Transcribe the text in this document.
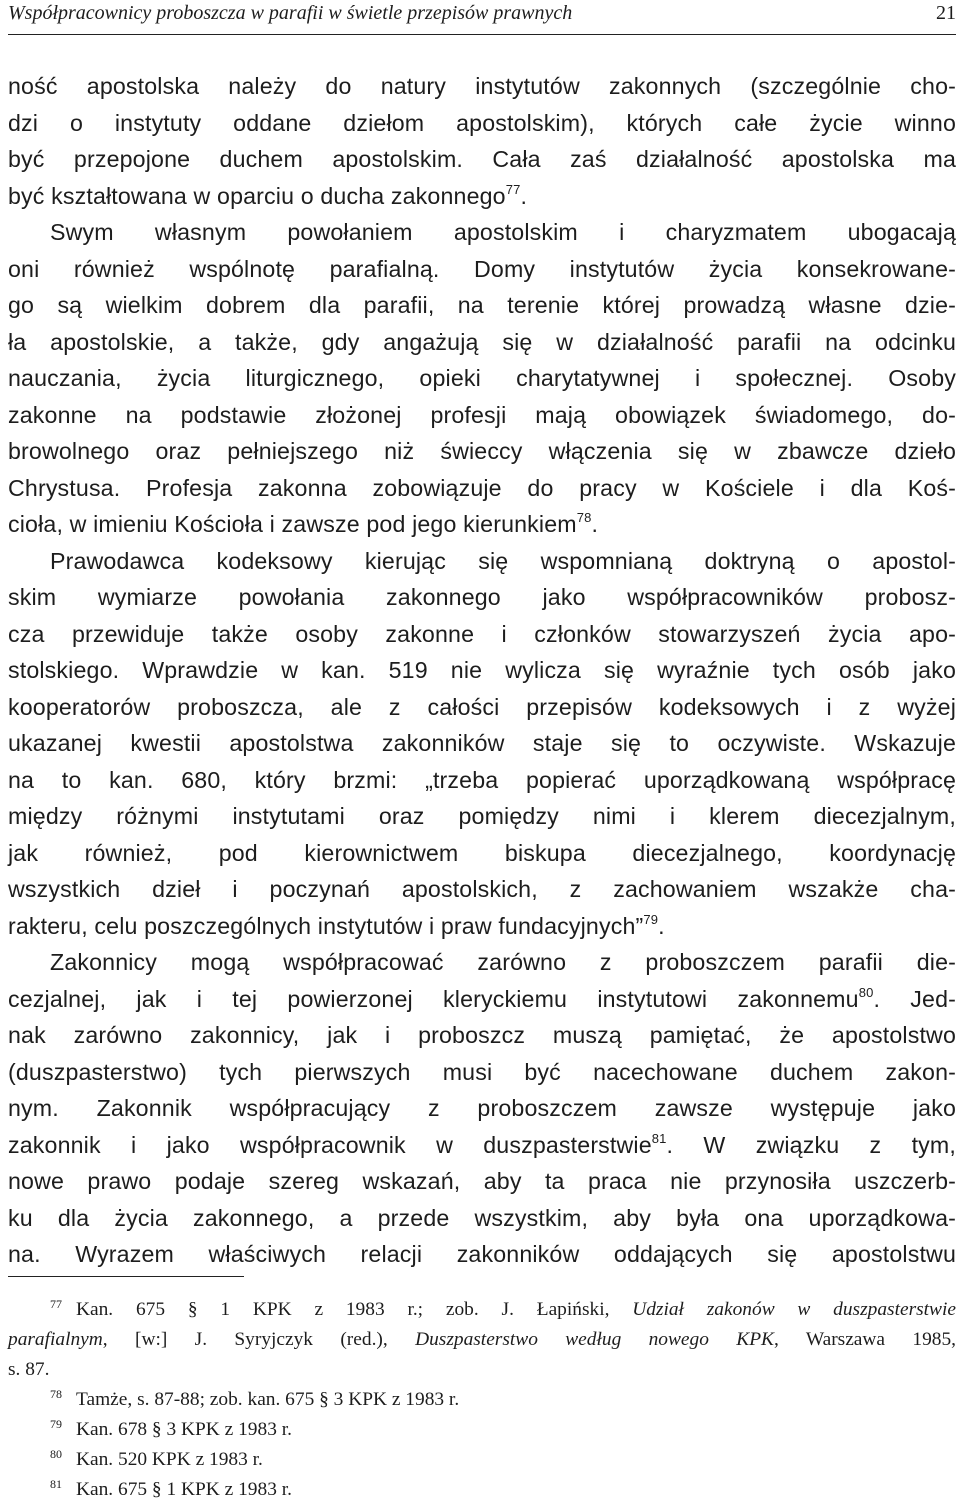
Współpracownicy proboszcza w parafii w świetle przepisów prawnych	21
ność apostolska należy do natury instytutów zakonnych (szczególnie cho-
dzi o instytuty oddane dziełom apostolskim), których całe życie winno
być przepojone duchem apostolskim. Cała zaś działalność apostolska ma
być kształtowana w oparciu o ducha zakonnego$^{77}$.
Swym własnym powołaniem apostolskim i charyzmatem ubogacają
oni również wspólnotę parafialną. Domy instytutów życia konsekrowane-
go są wielkim dobrem dla parafii, na terenie której prowadzą własne dzie-
ła apostolskie, a także, gdy angażują się w działalność parafii na odcinku
nauczania, życia liturgicznego, opieki charytatywnej i społecznej. Osoby
zakonne na podstawie złożonej profesji mają obowiązek świadomego, do-
browolnego oraz pełniejszego niż świeccy włączenia się w zbawcze dzieło
Chrystusa. Profesja zakonna zobowiązuje do pracy w Kościele i dla Koś-
cioła, w imieniu Kościoła i zawsze pod jego kierunkiem$^{78}$.
Prawodawca kodeksowy kierując się wspomnianą doktryną o apostol-
skim wymiarze powołania zakonnego jako współpracowników probosz-
cza przewiduje także osoby zakonne i członków stowarzyszeń życia apo-
stolskiego. Wprawdzie w kan. 519 nie wylicza się wyraźnie tych osób jako
kooperatorów proboszcza, ale z całości przepisów kodeksowych i z wyżej
ukazanej kwestii apostolstwa zakonników staje się to oczywiste. Wskazuje
na to kan. 680, który brzmi: „trzeba popierać uporządkowaną współpracę
między różnymi instytutami oraz pomiędzy nimi i klerem diecezjalnym,
jak również, pod kierownictwem biskupa diecezjalnego, koordynację
wszystkich dzieł i poczynań apostolskich, z zachowaniem wszakże cha-
rakteru, celu poszczególnych instytutów i praw fundacyjnych”$^{79}$.
Zakonnicy mogą współpracować zarówno z proboszczem parafii die-
cezjalnej, jak i tej powierzonej kleryckiemu instytutowi zakonnemu$^{80}$. Jed-
nak zarówno zakonnicy, jak i proboszcz muszą pamiętać, że apostolstwo
(duszpasterstwo) tych pierwszych musi być nacechowane duchem zakon-
nym. Zakonnik współpracujący z proboszczem zawsze występuje jako
zakonnik i jako współpracownik w duszpasterstwie$^{81}$. W związku z tym,
nowe prawo podaje szereg wskazań, aby ta praca nie przynosiła uszczerb-
ku dla życia zakonnego, a przede wszystkim, aby była ona uporządkowa-
na. Wyrazem właściwych relacji zakonników oddających się apostolstwu
$^{77}$ Kan. 675 § 1 KPK z 1983 r.; zob. J. Łapiński, Udział zakonów w duszpasterstwie
parafialnym, [w:] J. Syryjczyk (red.), Duszpasterstwo według nowego KPK, Warszawa 1985,
s. 87.
$^{78}$ Tamże, s. 87-88; zob. kan. 675 § 3 KPK z 1983 r.
$^{79}$ Kan. 678 § 3 KPK z 1983 r.
$^{80}$ Kan. 520 KPK z 1983 r.
$^{81}$ Kan. 675 § 1 KPK z 1983 r.
